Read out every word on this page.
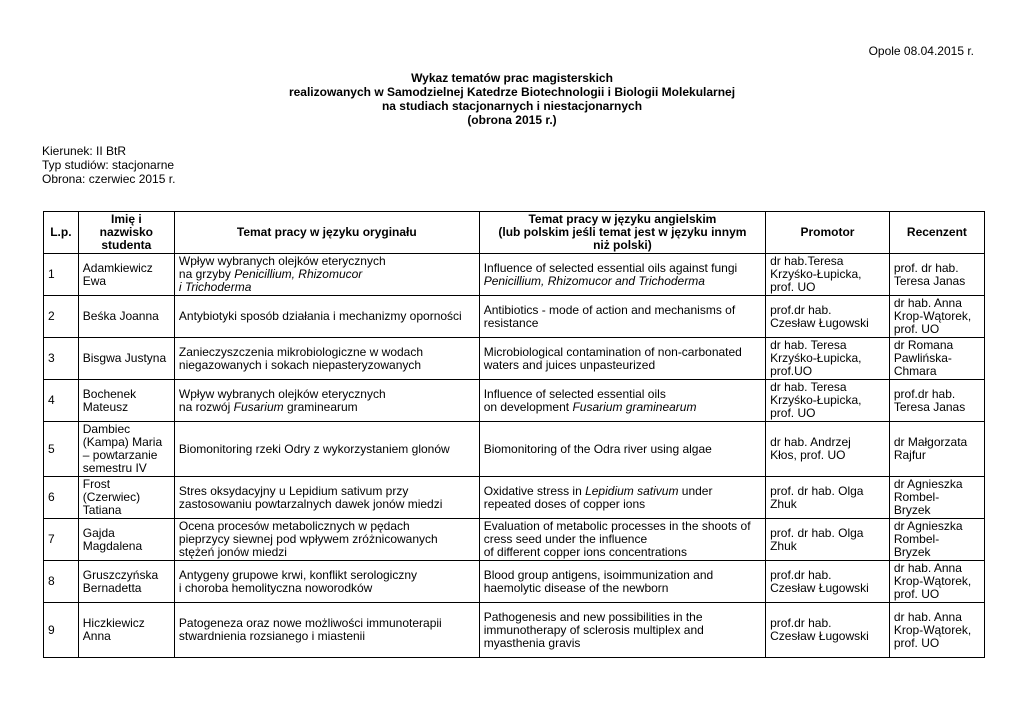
Opole 08.04.2015 r.
Wykaz tematów prac magisterskich
realizowanych w Samodzielnej Katedrze Biotechnologii i Biologii Molekularnej
na studiach stacjonarnych i niestacjonarnych
(obrona 2015 r.)
Kierunek: II BtR
Typ studiów: stacjonarne
Obrona: czerwiec 2015 r.
L.p.	Imię i
nazwisko
studenta	Temat pracy w języku oryginału	Temat pracy w języku angielskim
(lub polskim jeśli temat jest w języku innym
niż polski)	Promotor	Recenzent
1	Adamkiewicz
Ewa	Wpływ wybranych olejków eterycznych
na grzyby Penicillium, Rhizomucor
i Trichoderma	Influence of selected essential oils against fungi
Penicillium, Rhizomucor and Trichoderma	dr hab.Teresa
Krzyśko-Łupicka,
prof. UO	prof. dr hab.
Teresa Janas

2	Beśka Joanna	Antybiotyki sposób działania i mechanizmy oporności	Antibiotics - mode of action and mechanisms of
resistance	prof.dr hab.
Czesław Ługowski	dr hab. Anna
Krop-Wątorek,
prof. UO

3	Bisgwa Justyna	Zanieczyszczenia mikrobiologiczne w wodach
niegazowanych i sokach niepasteryzowanych	Microbiological contamination of non-carbonated
waters and juices unpasteurized	dr hab. Teresa
Krzyśko-Łupicka,
prof.UO	dr Romana
Pawlińska-
Chmara

4	Bochenek
Mateusz	Wpływ wybranych olejków eterycznych
na rozwój Fusarium graminearum	Influence of selected essential oils
on development Fusarium graminearum	dr hab. Teresa
Krzyśko-Łupicka,
prof. UO	prof.dr hab.
Teresa Janas

5	Dambiec
(Kampa) Maria
– powtarzanie
semestru IV	Biomonitoring rzeki Odry z wykorzystaniem glonów	Biomonitoring of the Odra river using algae	dr hab. Andrzej
Kłos, prof. UO	dr Małgorzata
Rajfur

6	Frost
(Czerwiec)
Tatiana	Stres oksydacyjny u Lepidium sativum przy
zastosowaniu powtarzalnych dawek jonów miedzi	Oxidative stress in Lepidium sativum under
repeated doses of copper ions	prof. dr hab. Olga
Zhuk	dr Agnieszka
Rombel-
Bryzek

7	Gajda
Magdalena	Ocena procesów metabolicznych w pędach
pieprzycy siewnej pod wpływem zróżnicowanych
stężeń jonów miedzi	Evaluation of metabolic processes in the shoots of
cress seed under the influence
of different copper ions concentrations	prof. dr hab. Olga
Zhuk	dr Agnieszka
Rombel-
Bryzek

8	Gruszczyńska
Bernadetta	Antygeny grupowe krwi, konflikt serologiczny
i choroba hemolityczna noworodków	Blood group antigens, isoimmunization and
haemolytic disease of the newborn	prof.dr hab.
Czesław Ługowski	dr hab. Anna
Krop-Wątorek,
prof. UO

9	Hiczkiewicz
Anna	Patogeneza oraz nowe możliwości immunoterapii
stwardnienia rozsianego i miastenii	Pathogenesis and new possibilities in the
immunotherapy of sclerosis multiplex and
myasthenia gravis	prof.dr hab.
Czesław Ługowski	dr hab. Anna
Krop-Wątorek,
prof. UO
